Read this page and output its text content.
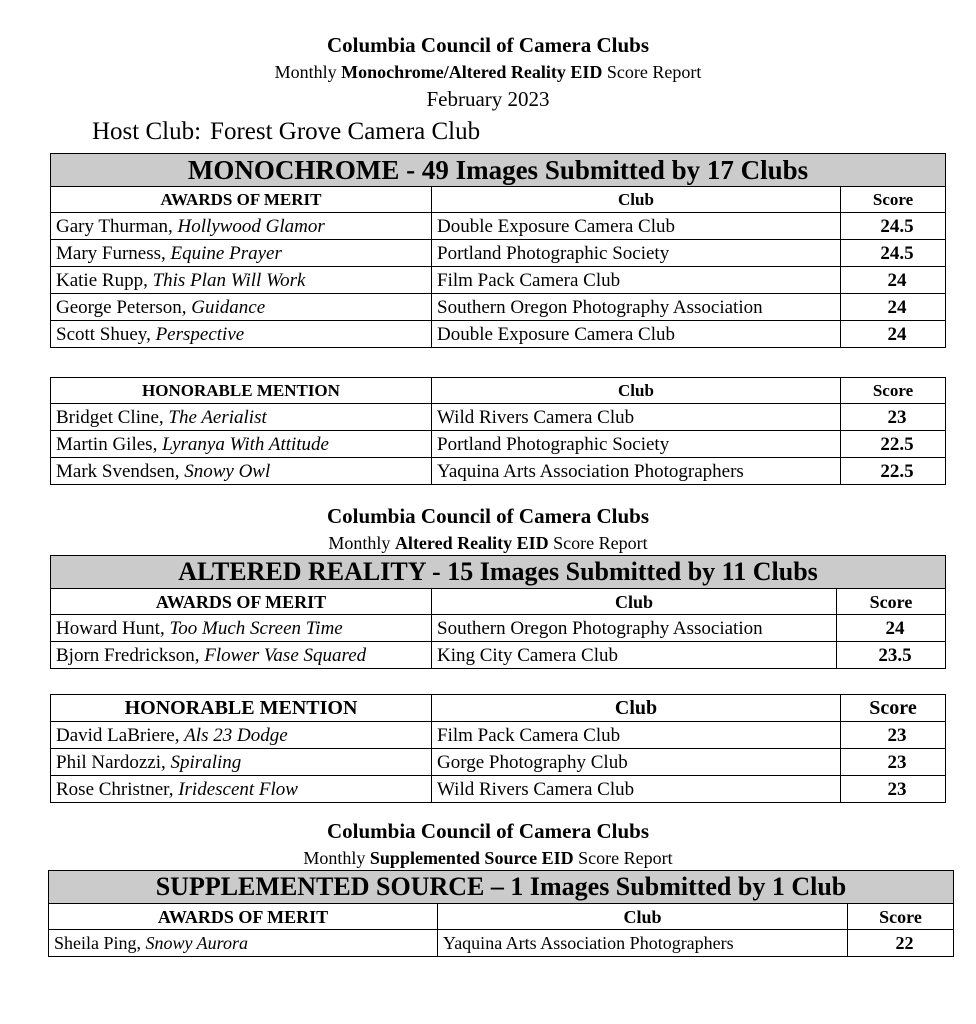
Columbia Council of Camera Clubs
Monthly Monochrome/Altered Reality EID Score Report
February 2023
Host Club: Forest Grove Camera Club
MONOCHROME - 49 Images Submitted by 17 Clubs		
AWARDS OF MERIT	Club	Score
Gary Thurman, Hollywood Glamor	Double Exposure Camera Club	24.5
Mary Furness, Equine Prayer	Portland Photographic Society	24.5
Katie Rupp, This Plan Will Work	Film Pack Camera Club	24
George Peterson, Guidance	Southern Oregon Photography Association	24
Scott Shuey, Perspective	Double Exposure Camera Club	24
HONORABLE MENTION	Club	Score
Bridget Cline, The Aerialist	Wild Rivers Camera Club	23
Martin Giles, Lyranya With Attitude	Portland Photographic Society	22.5
Mark Svendsen, Snowy Owl	Yaquina Arts Association Photographers	22.5
Columbia Council of Camera Clubs
Monthly Altered Reality EID Score Report
ALTERED REALITY - 15 Images Submitted by 11 Clubs		
AWARDS OF MERIT	Club	Score
Howard Hunt, Too Much Screen Time	Southern Oregon Photography Association	24
Bjorn Fredrickson, Flower Vase Squared	King City Camera Club	23.5
HONORABLE MENTION	Club	Score
David LaBriere, Als 23 Dodge	Film Pack Camera Club	23
Phil Nardozzi, Spiraling	Gorge Photography Club	23
Rose Christner, Iridescent Flow	Wild Rivers Camera Club	23
Columbia Council of Camera Clubs
Monthly Supplemented Source EID Score Report
SUPPLEMENTED SOURCE – 1 Images Submitted by 1 Club		
AWARDS OF MERIT	Club	Score
Sheila Ping, Snowy Aurora	Yaquina Arts Association Photographers	22
